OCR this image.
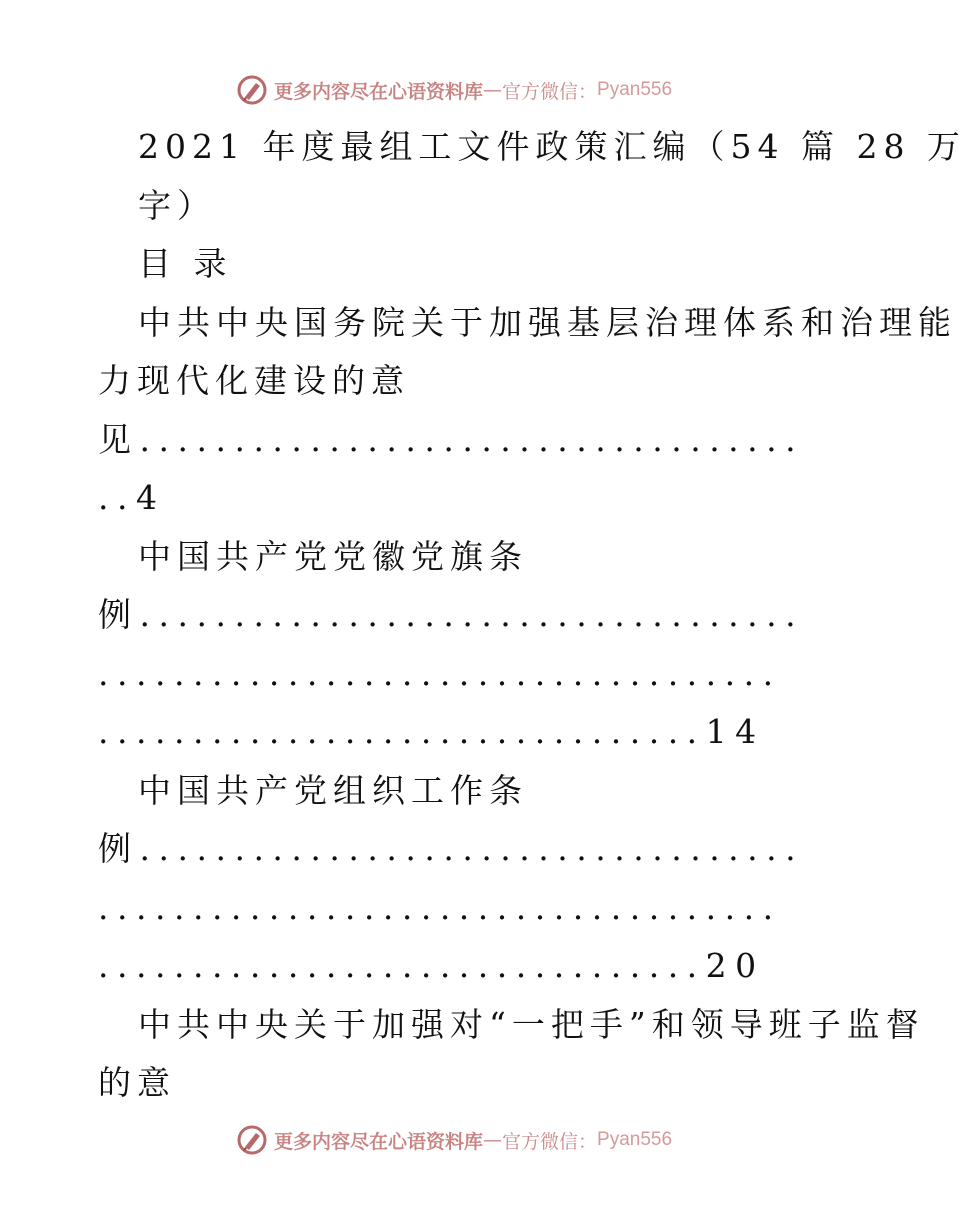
更多内容尽在心语资料库 — 官方微信： Pyan556
2021 年度最组工文件政策汇编（54 篇 28 万
字）
目 录
中共中央国务院关于加强基层治理体系和治理能
力现代化建设的意
见...................................
..4
中国共产党党徽党旗条
例...................................
....................................
................................14
中国共产党组织工作条
例...................................
....................................
................................20
中共中央关于加强对“一把手”和领导班子监督
的意
更多内容尽在心语资料库 — 官方微信： Pyan556
